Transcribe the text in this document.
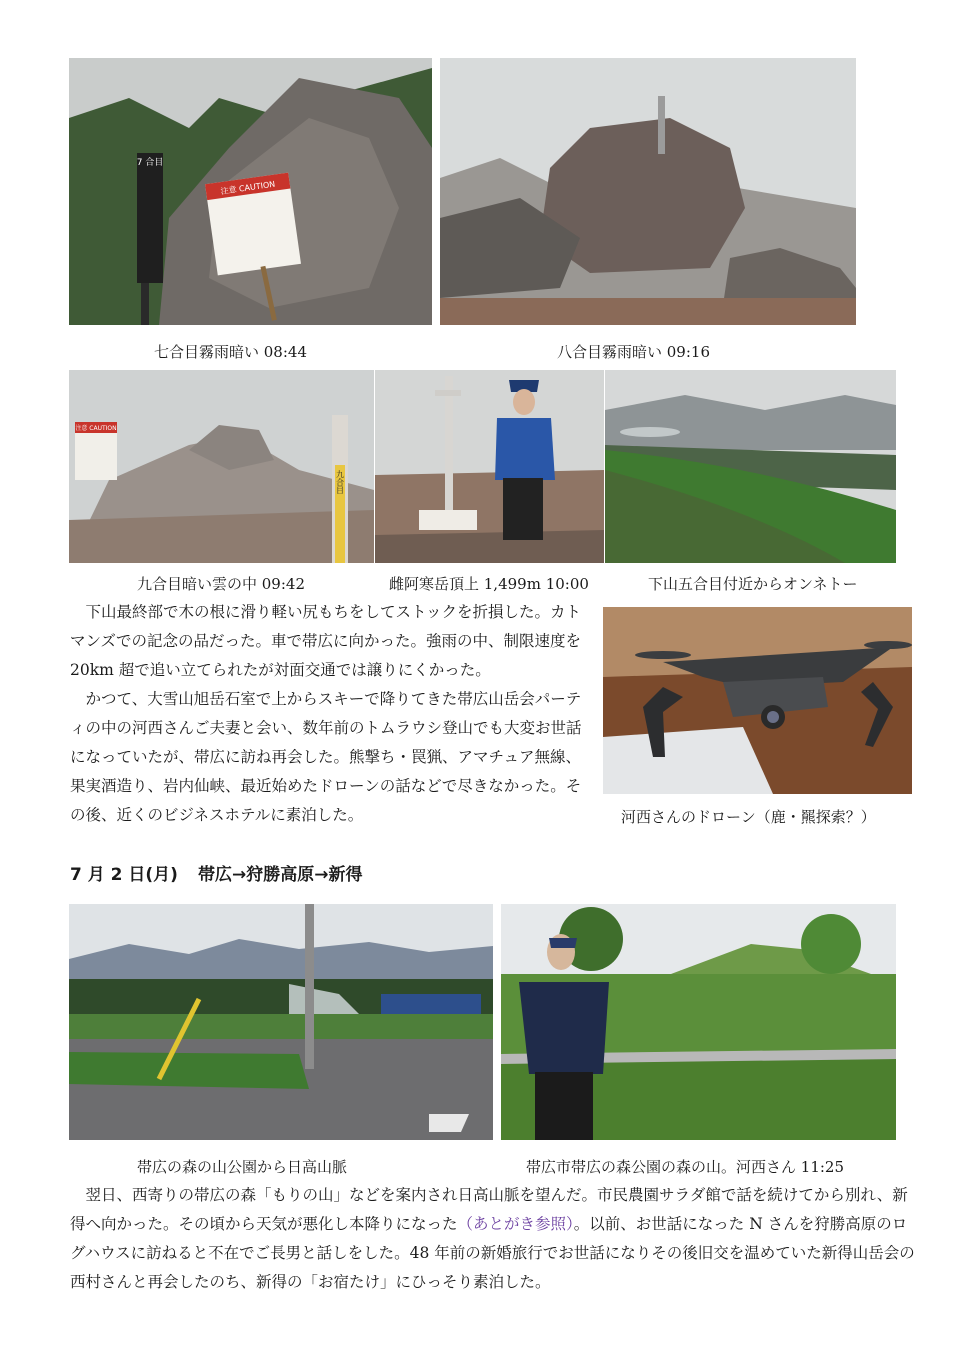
7 合目
注意 CAUTION
七合目霧雨暗い 08:44	八合目霧雨暗い 09:16
注意 CAUTION
九合目
九合目暗い雲の中 09:42	雌阿寒岳頂上 1,499m 10:00	下山五合目付近からオンネトー

下山最終部で木の根に滑り軽い尻もちをしてストックを折損した。カトマンズでの記念の品だった。車で帯広に向かった。強雨の中、制限速度を 20km 超で追い立てられたが対面交通では譲りにくかった。

かつて、大雪山旭岳石室で上からスキーで降りてきた帯広山岳会パーティの中の河西さんご夫妻と会い、数年前のトムラウシ登山でも大変お世話になっていたが、帯広に訪ね再会した。熊撃ち・罠猟、アマチュア無線、果実酒造り、岩内仙峡、最近始めたドローンの話などで尽きなかった。その後、近くのビジネスホテルに素泊した。	河西さんのドローン（鹿・羆探索？）
7 月 2 日(月) 帯広→狩勝高原→新得
帯広の森の山公園から日高山脈	帯広市帯広の森公園の森の山。河西さん 11:25

翌日、西寄りの帯広の森「もりの山」などを案内され日高山脈を望んだ。市民農園サラダ館で話を続けてから別れ、新得へ向かった。その頃から天気が悪化し本降りになった（あとがき参照）。以前、お世話になった N さんを狩勝高原のログハウスに訪ねると不在でご長男と話しをした。48 年前の新婚旅行でお世話になりその後旧交を温めていた新得山岳会の西村さんと再会したのち、新得の「お宿たけ」にひっそり素泊した。
